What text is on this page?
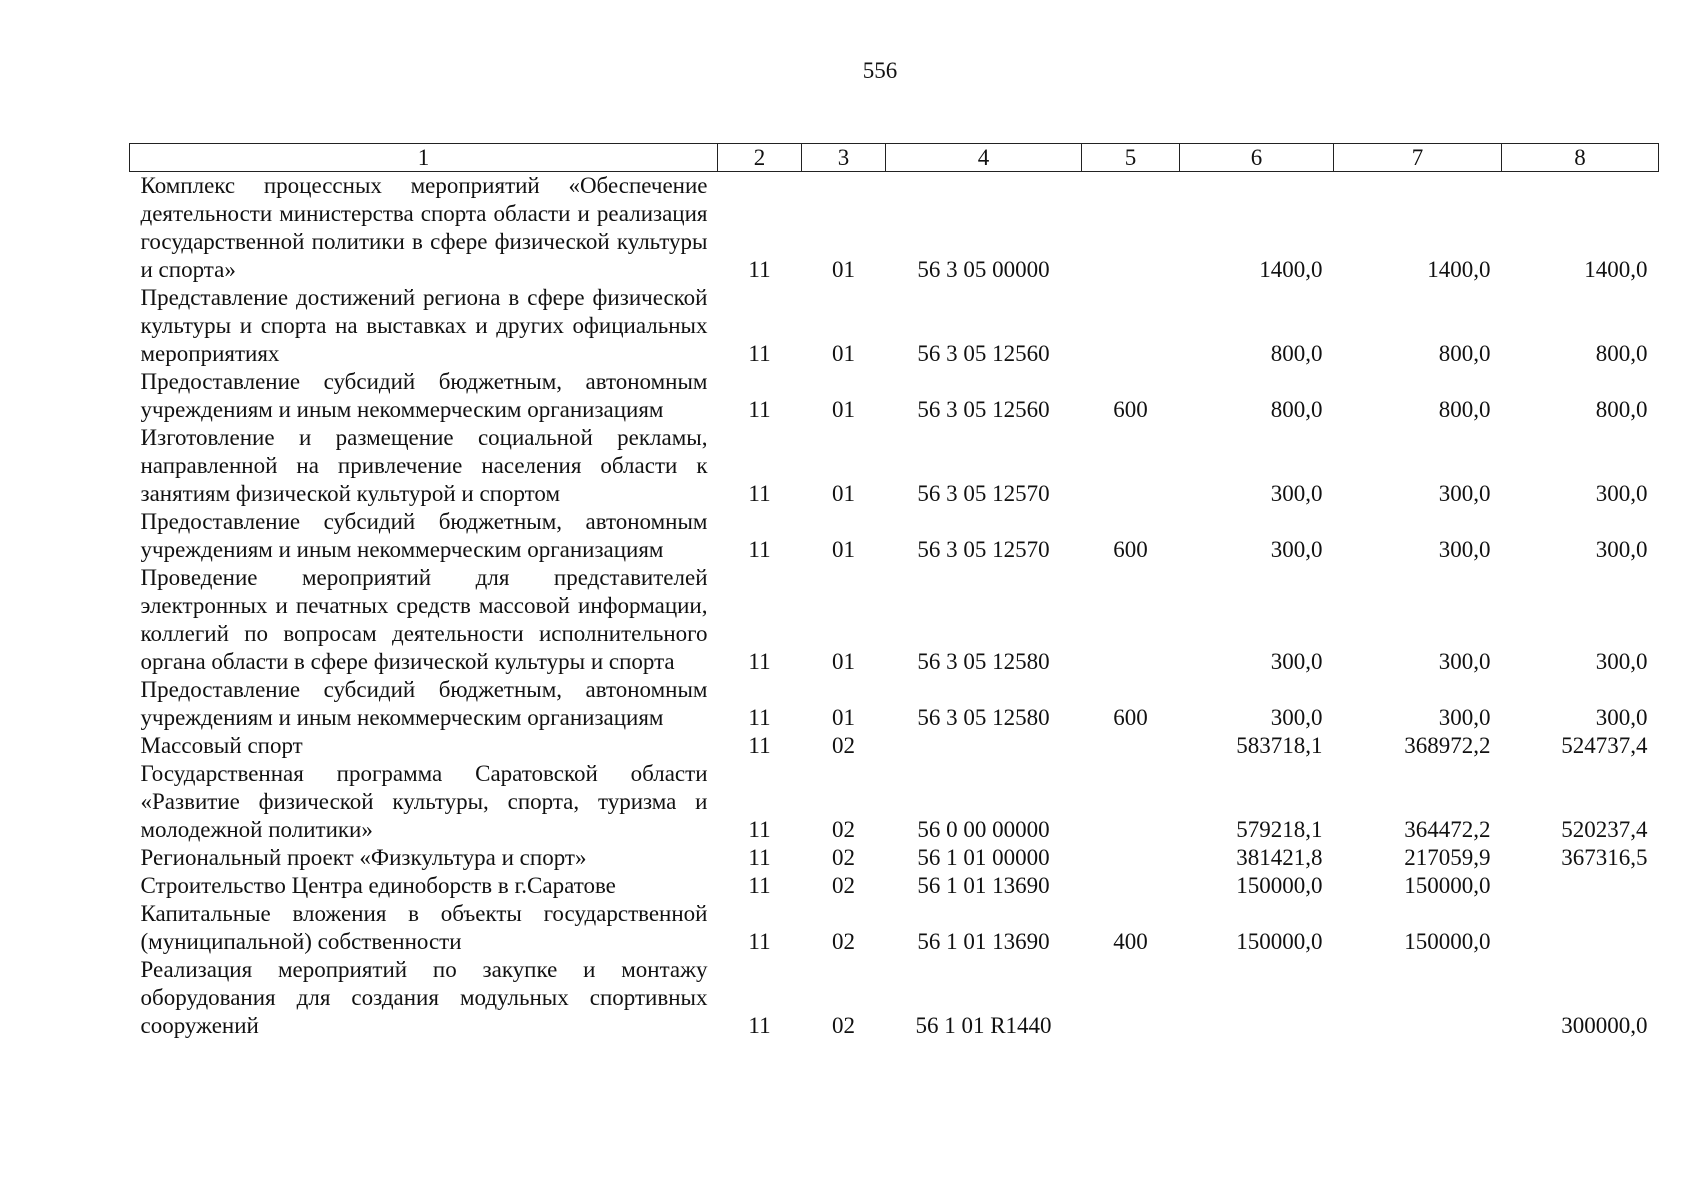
556
1	2	3	4	5	6	7	8
Комплекс процессных мероприятий «Обеспечение деятельности министерства спорта области и реализация государственной политики в сфере физической культуры и спорта»	11	01	56 3 05 00000		1400,0	1400,0	1400,0
Представление достижений региона в сфере физической культуры и спорта на выставках и других официальных мероприятиях	11	01	56 3 05 12560		800,0	800,0	800,0
Предоставление субсидий бюджетным, автономным учреждениям и иным некоммерческим организациям	11	01	56 3 05 12560	600	800,0	800,0	800,0
Изготовление и размещение социальной рекламы, направленной на привлечение населения области к занятиям физической культурой и спортом	11	01	56 3 05 12570		300,0	300,0	300,0
Предоставление субсидий бюджетным, автономным учреждениям и иным некоммерческим организациям	11	01	56 3 05 12570	600	300,0	300,0	300,0
Проведение мероприятий для представителей электронных и печатных средств массовой информации, коллегий по вопросам деятельности исполнительного органа области в сфере физической культуры и спорта	11	01	56 3 05 12580		300,0	300,0	300,0
Предоставление субсидий бюджетным, автономным учреждениям и иным некоммерческим организациям	11	01	56 3 05 12580	600	300,0	300,0	300,0
Массовый спорт	11	02			583718,1	368972,2	524737,4
Государственная программа Саратовской области «Развитие физической культуры, спорта, туризма и молодежной политики»	11	02	56 0 00 00000		579218,1	364472,2	520237,4
Региональный проект «Физкультура и спорт»	11	02	56 1 01 00000		381421,8	217059,9	367316,5
Строительство Центра единоборств в г.Саратове	11	02	56 1 01 13690		150000,0	150000,0	
Капитальные вложения в объекты государственной (муниципальной) собственности	11	02	56 1 01 13690	400	150000,0	150000,0	
Реализация мероприятий по закупке и монтажу оборудования для создания модульных спортивных сооружений	11	02	56 1 01 R1440				300000,0
